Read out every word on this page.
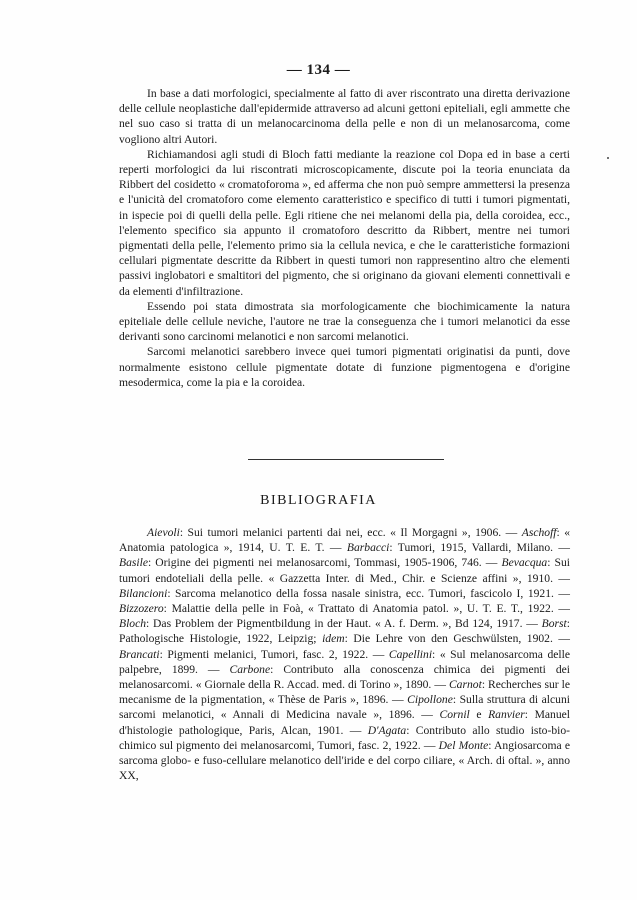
— 134 —

In base a dati morfologici, specialmente al fatto di aver riscontrato una diretta derivazione delle cellule neoplastiche dall'epidermide attraverso ad alcuni gettoni epiteliali, egli ammette che nel suo caso si tratta di un melanocarcinoma della pelle e non di un melanosarcoma, come vogliono altri Autori.

Richiamandosi agli studi di Bloch fatti mediante la reazione col Dopa ed in base a certi reperti morfologici da lui riscontrati microscopicamente, discute poi la teoria enunciata da Ribbert del cosidetto « cromatoforoma », ed afferma che non può sempre ammettersi la presenza e l'unicità del cromatoforo come elemento caratteristico e specifico di tutti i tumori pigmentati, in ispecie poi di quelli della pelle. Egli ritiene che nei melanomi della pia, della coroidea, ecc., l'elemento specifico sia appunto il cromatoforo descritto da Ribbert, mentre nei tumori pigmentati della pelle, l'elemento primo sia la cellula nevica, e che le caratteristiche formazioni cellulari pigmentate descritte da Ribbert in questi tumori non rappresentino altro che elementi passivi inglobatori e smaltitori del pigmento, che si originano da giovani elementi connettivali e da elementi d'infiltrazione.

Essendo poi stata dimostrata sia morfologicamente che biochimicamente la natura epiteliale delle cellule neviche, l'autore ne trae la conseguenza che i tumori melanotici da esse derivanti sono carcinomi melanotici e non sarcomi melanotici.

Sarcomi melanotici sarebbero invece quei tumori pigmentati originatisi da punti, dove normalmente esistono cellule pigmentate dotate di funzione pigmentogena e d'origine mesodermica, come la pia e la coroidea.

BIBLIOGRAFIA
Aievoli: Sui tumori melanici partenti dai nei, ecc. « Il Morgagni », 1906. — Aschoff: « Anatomia patologica », 1914, U. T. E. T. — Barbacci: Tumori, 1915, Vallardi, Milano. — Basile: Origine dei pigmenti nei melanosarcomi, Tommasi, 1905-1906, 746. — Bevacqua: Sui tumori endoteliali della pelle. « Gazzetta Inter. di Med., Chir. e Scienze affini », 1910. — Bilancioni: Sarcoma melanotico della fossa nasale sinistra, ecc. Tumori, fascicolo I, 1921. — Bizzozero: Malattie della pelle in Foà, « Trattato di Anatomia patol. », U. T. E. T., 1922. — Bloch: Das Problem der Pigmentbildung in der Haut. « A. f. Derm. », Bd 124, 1917. — Borst: Pathologische Histologie, 1922, Leipzig; idem: Die Lehre von den Geschwülsten, 1902. — Brancati: Pigmenti melanici, Tumori, fasc. 2, 1922. — Capellini: « Sul melanosarcoma delle palpebre, 1899. — Carbone: Contributo alla conoscenza chimica dei pigmenti dei melanosarcomi. « Giornale della R. Accad. med. di Torino », 1890. — Carnot: Recherches sur le mecanisme de la pigmentation, « Thèse de Paris », 1896. — Cipollone: Sulla struttura di alcuni sarcomi melanotici, « Annali di Medicina navale », 1896. — Cornil e Ranvier: Manuel d'histologie pathologique, Paris, Alcan, 1901. — D'Agata: Contributo allo studio isto-bio-chimico sul pigmento dei melanosarcomi, Tumori, fasc. 2, 1922. — Del Monte: Angiosarcoma e sarcoma globo- e fuso-cellulare melanotico dell'iride e del corpo ciliare, « Arch. di oftal. », anno XX,
